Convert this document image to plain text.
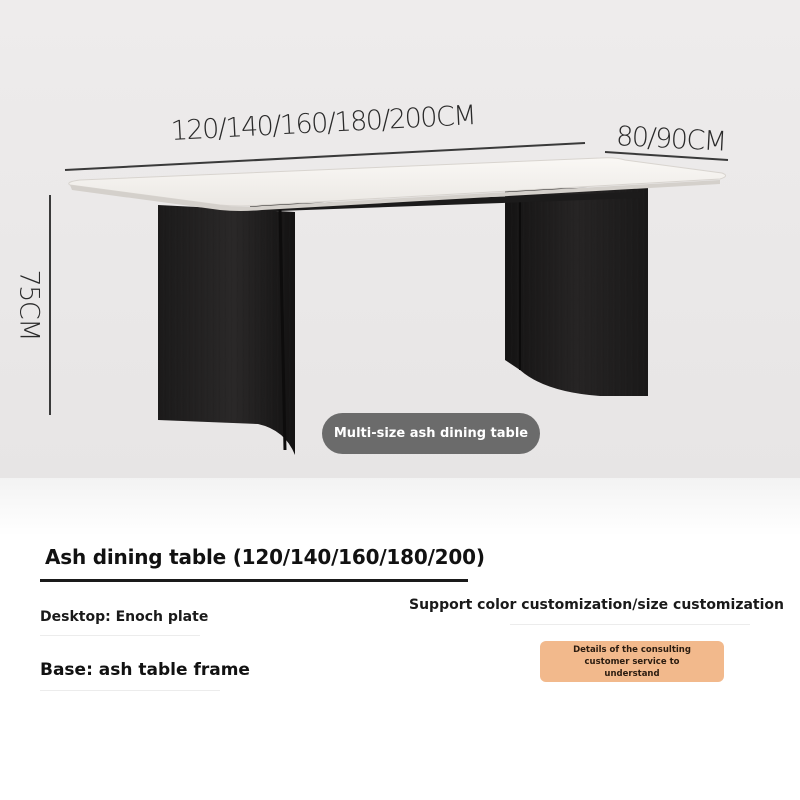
120/140/160/180/200CM	80/90CM
75CM
Multi-size ash dining table
Ash dining table (120/140/160/180/200)
Desktop: Enoch plate
Base: ash table frame
Support color customization/size customization
Details of the consulting customer service to understand
